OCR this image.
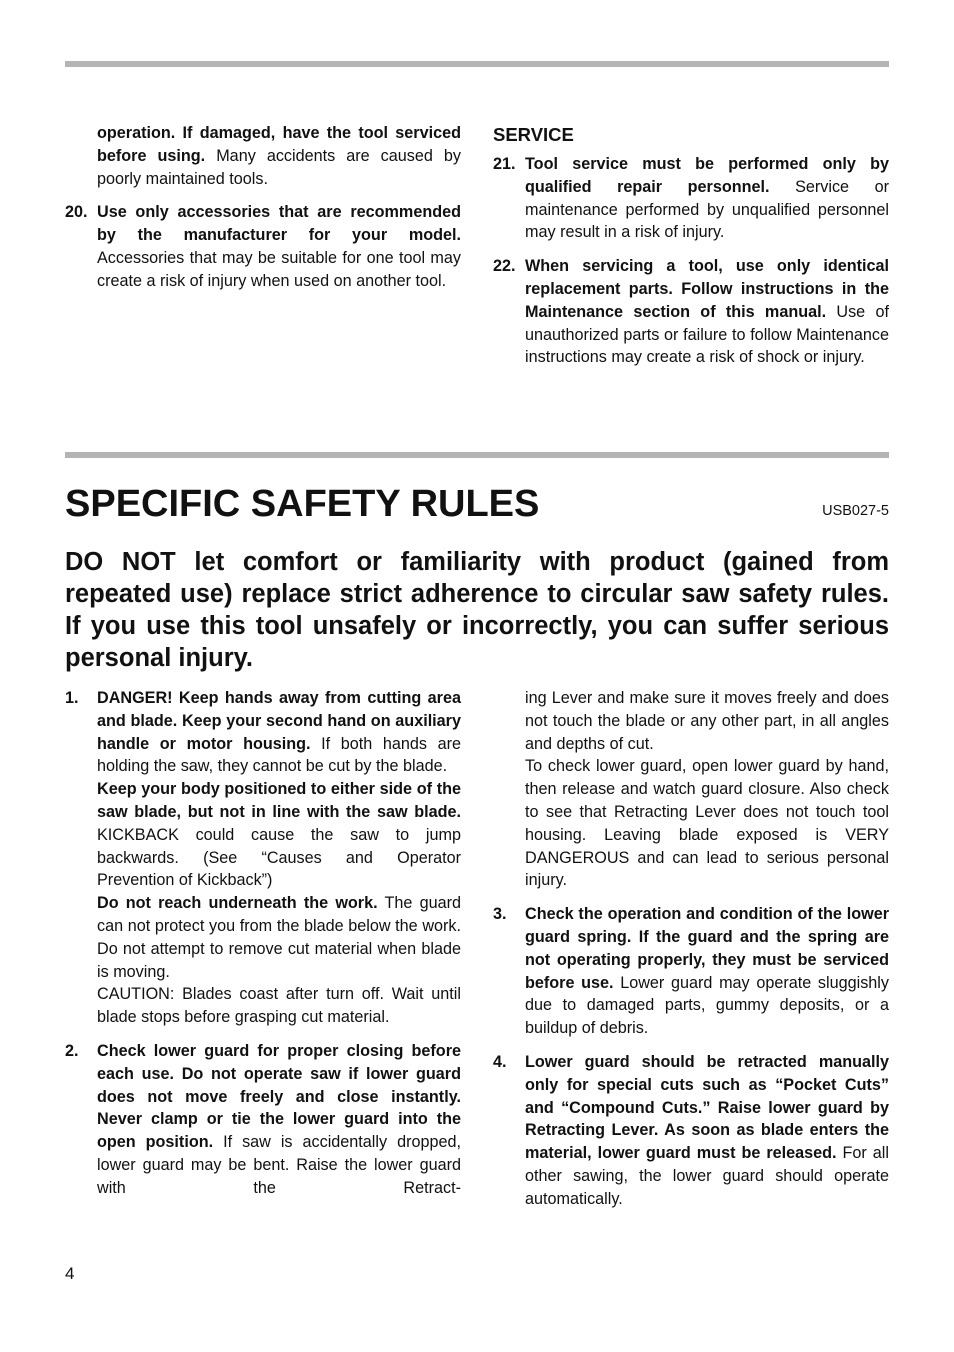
operation. If damaged, have the tool serviced before using. Many accidents are caused by poorly maintained tools.
20. Use only accessories that are recommended by the manufacturer for your model. Accessories that may be suitable for one tool may create a risk of injury when used on another tool.
SERVICE
21. Tool service must be performed only by qualified repair personnel. Service or maintenance performed by unqualified personnel may result in a risk of injury.
22. When servicing a tool, use only identical replacement parts. Follow instructions in the Maintenance section of this manual. Use of unauthorized parts or failure to follow Maintenance instructions may create a risk of shock or injury.
SPECIFIC SAFETY RULES	USB027-5

DO NOT let comfort or familiarity with product (gained from repeated use) replace strict adherence to circular saw safety rules. If you use this tool unsafely or incorrectly, you can suffer serious personal injury.

1.	DANGER! Keep hands away from cutting area and blade. Keep your second hand on auxiliary handle or motor housing. If both hands are holding the saw, they cannot be cut by the blade.

Keep your body positioned to either side of the saw blade, but not in line with the saw blade. KICKBACK could cause the saw to jump backwards. (See “Causes and Operator Prevention of Kickback”)

Do not reach underneath the work. The guard can not protect you from the blade below the work. Do not attempt to remove cut material when blade is moving.

CAUTION: Blades coast after turn off. Wait until blade stops before grasping cut material.

2.	Check lower guard for proper closing before each use. Do not operate saw if lower guard does not move freely and close instantly. Never clamp or tie the lower guard into the open position. If saw is accidentally dropped, lower guard may be bent. Raise the lower guard with the Retract-

ing Lever and make sure it moves freely and does not touch the blade or any other part, in all angles and depths of cut.

To check lower guard, open lower guard by hand, then release and watch guard closure. Also check to see that Retracting Lever does not touch tool housing. Leaving blade exposed is VERY DANGEROUS and can lead to serious personal injury.

3.	Check the operation and condition of the lower guard spring. If the guard and the spring are not operating properly, they must be serviced before use. Lower guard may operate sluggishly due to damaged parts, gummy deposits, or a buildup of debris.
4.	Lower guard should be retracted manually only for special cuts such as “Pocket Cuts” and “Compound Cuts.” Raise lower guard by Retracting Lever. As soon as blade enters the material, lower guard must be released. For all other sawing, the lower guard should operate automatically.
4
